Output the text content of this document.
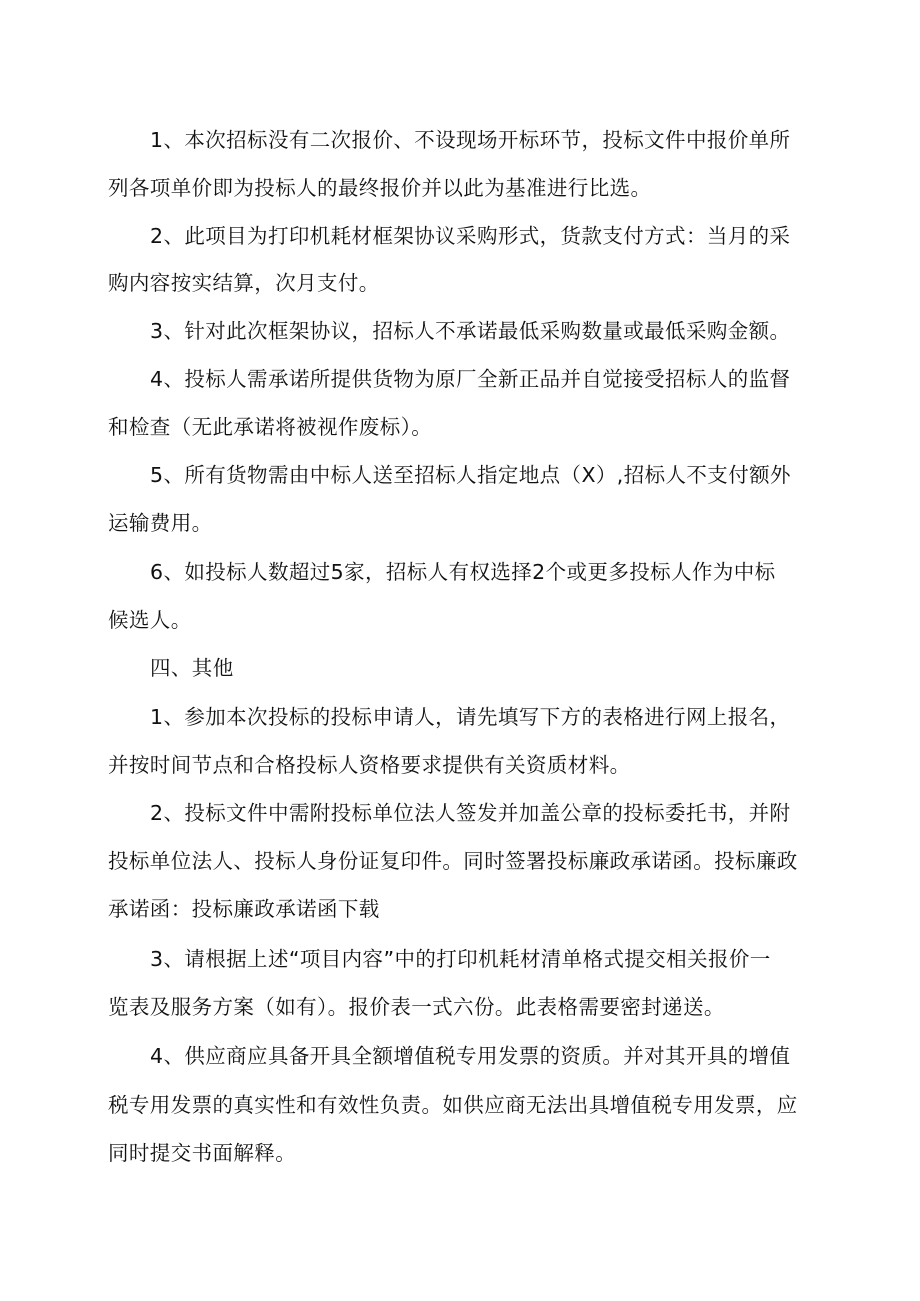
1、本次招标没有二次报价、不设现场开标环节，投标文件中报价单所

列各项单价即为投标人的最终报价并以此为基准进行比选。

2、此项目为打印机耗材框架协议采购形式，货款支付方式：当月的采

购内容按实结算，次月支付。

3、针对此次框架协议，招标人不承诺最低采购数量或最低采购金额。

4、投标人需承诺所提供货物为原厂全新正品并自觉接受招标人的监督

和检查（无此承诺将被视作废标）。

5、所有货物需由中标人送至招标人指定地点（X）,招标人不支付额外

运输费用。

6、如投标人数超过5家，招标人有权选择2个或更多投标人作为中标

候选人。

四、其他

1、参加本次投标的投标申请人，请先填写下方的表格进行网上报名，

并按时间节点和合格投标人资格要求提供有关资质材料。

2、投标文件中需附投标单位法人签发并加盖公章的投标委托书，并附

投标单位法人、投标人身份证复印件。同时签署投标廉政承诺函。投标廉政

承诺函：投标廉政承诺函下载

3、请根据上述“项目内容”中的打印机耗材清单格式提交相关报价一

览表及服务方案（如有）。报价表一式六份。此表格需要密封递送。

4、供应商应具备开具全额增值税专用发票的资质。并对其开具的增值

税专用发票的真实性和有效性负责。如供应商无法出具增值税专用发票，应

同时提交书面解释。
